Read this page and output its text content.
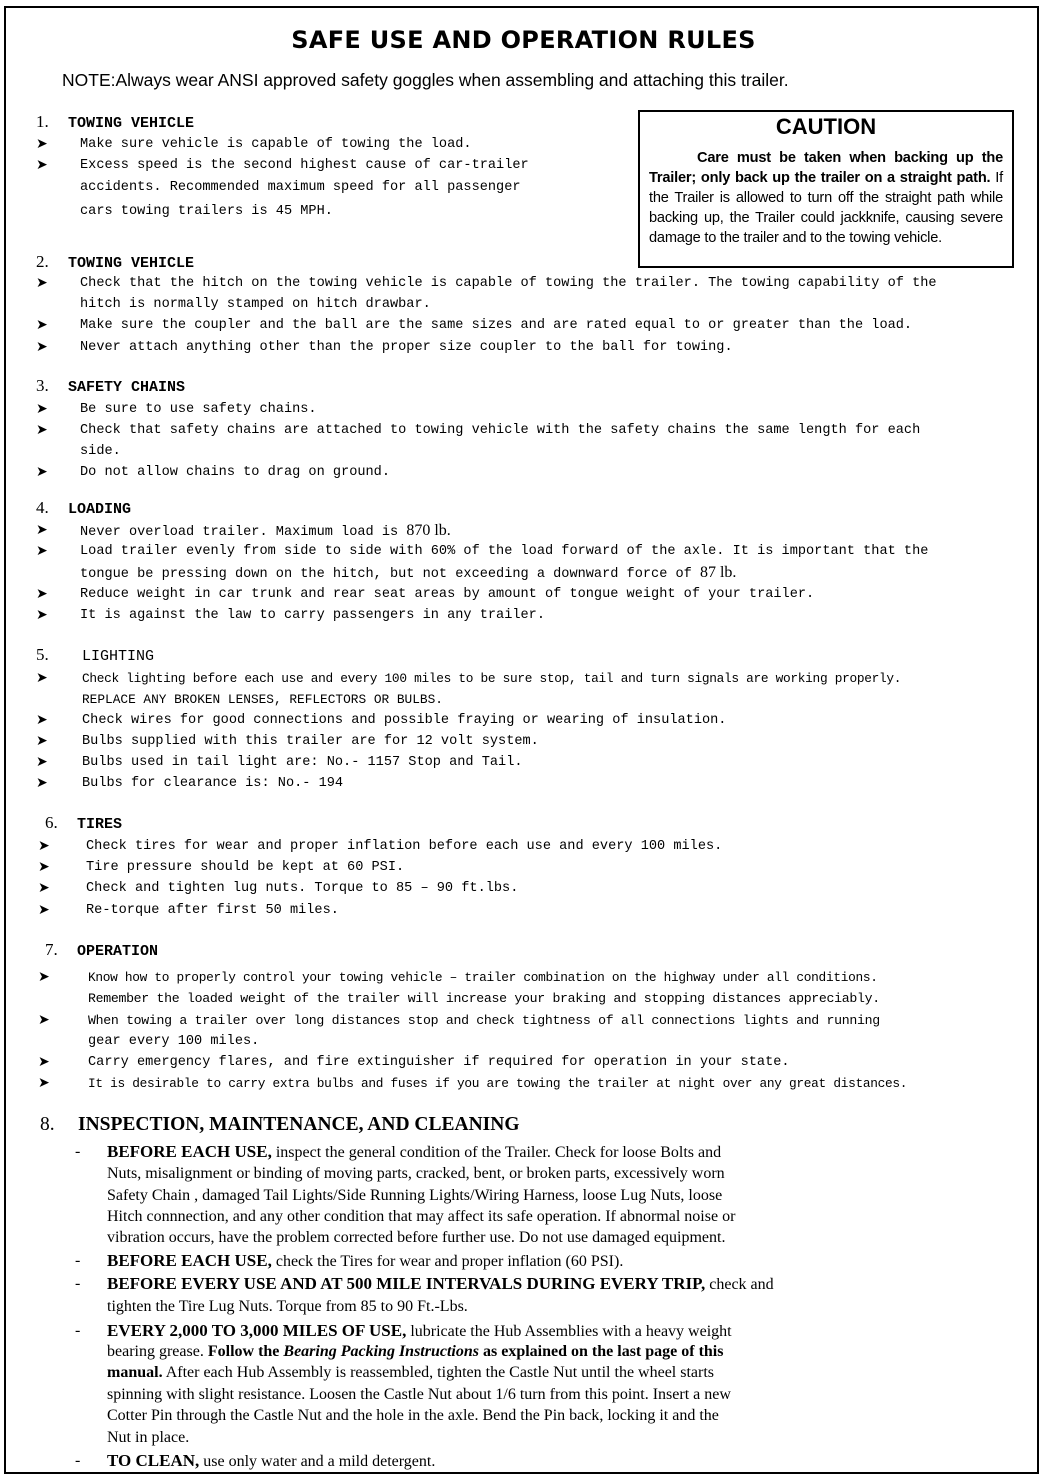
SAFE USE AND OPERATION RULES
NOTE:Always wear ANSI approved safety goggles when assembling and attaching this trailer.
CAUTION
Care must be taken when backing up the Trailer; only back up the trailer on a straight path. If the Trailer is allowed to turn off the straight path while backing up, the Trailer could jackknife, causing severe damage to the trailer and to the towing vehicle.
1. TOWING VEHICLE
➤ Make sure vehicle is capable of towing the load.
➤ Excess speed is the second highest cause of car-trailer
accidents. Recommended maximum speed for all passenger
cars towing trailers is 45 MPH.
2. TOWING VEHICLE
➤ Check that the hitch on the towing vehicle is capable of towing the trailer. The towing capability of the
hitch is normally stamped on hitch drawbar.
➤ Make sure the coupler and the ball are the same sizes and are rated equal to or greater than the load.
➤ Never attach anything other than the proper size coupler to the ball for towing.
3. SAFETY CHAINS
➤ Be sure to use safety chains.
➤ Check that safety chains are attached to towing vehicle with the safety chains the same length for each
side.
➤ Do not allow chains to drag on ground.
4. LOADING
➤ Never overload trailer. Maximum load is 870 lb.
➤ Load trailer evenly from side to side with 60% of the load forward of the axle. It is important that the
tongue be pressing down on the hitch, but not exceeding a downward force of 87 lb.
➤ Reduce weight in car trunk and rear seat areas by amount of tongue weight of your trailer.
➤ It is against the law to carry passengers in any trailer.
5. LIGHTING
➤	Check lighting before each use and every 100 miles to be sure stop, tail and turn signals are working properly.
REPLACE ANY BROKEN LENSES, REFLECTORS OR BULBS.
➤	Check wires for good connections and possible fraying or wearing of insulation.
➤	Bulbs supplied with this trailer are for 12 volt system.
➤	Bulbs used in tail light are: No.- 1157 Stop and Tail.
➤	Bulbs for clearance is: No.- 194
6. TIRES
➤	Check tires for wear and proper inflation before each use and every 100 miles.
➤	Tire pressure should be kept at 60 PSI.
➤	Check and tighten lug nuts. Torque to 85 – 90 ft.lbs.
➤	Re-torque after first 50 miles.
7. OPERATION
➤	Know how to properly control your towing vehicle – trailer combination on the highway under all conditions.
Remember the loaded weight of the trailer will increase your braking and stopping distances appreciably.
➤	When towing a trailer over long distances stop and check tightness of all connections lights and running
gear every 100 miles.
➤	Carry emergency flares, and fire extinguisher if required for operation in your state.
➤	It is desirable to carry extra bulbs and fuses if you are towing the trailer at night over any great distances.
8. INSPECTION, MAINTENANCE, AND CLEANING
- BEFORE EACH USE, inspect the general condition of the Trailer. Check for loose Bolts and
Nuts, misalignment or binding of moving parts, cracked, bent, or broken parts, excessively worn
Safety Chain , damaged Tail Lights/Side Running Lights/Wiring Harness, loose Lug Nuts, loose
Hitch connnection, and any other condition that may affect its safe operation. If abnormal noise or
vibration occurs, have the problem corrected before further use. Do not use damaged equipment.
- BEFORE EACH USE, check the Tires for wear and proper inflation (60 PSI).
- BEFORE EVERY USE AND AT 500 MILE INTERVALS DURING EVERY TRIP, check and
tighten the Tire Lug Nuts. Torque from 85 to 90 Ft.-Lbs.
- EVERY 2,000 TO 3,000 MILES OF USE, lubricate the Hub Assemblies with a heavy weight
bearing grease. Follow the Bearing Packing Instructions as explained on the last page of this
manual. After each Hub Assembly is reassembled, tighten the Castle Nut until the wheel starts
spinning with slight resistance. Loosen the Castle Nut about 1/6 turn from this point. Insert a new
Cotter Pin through the Castle Nut and the hole in the axle. Bend the Pin back, locking it and the
Nut in place.
- TO CLEAN, use only water and a mild detergent.
